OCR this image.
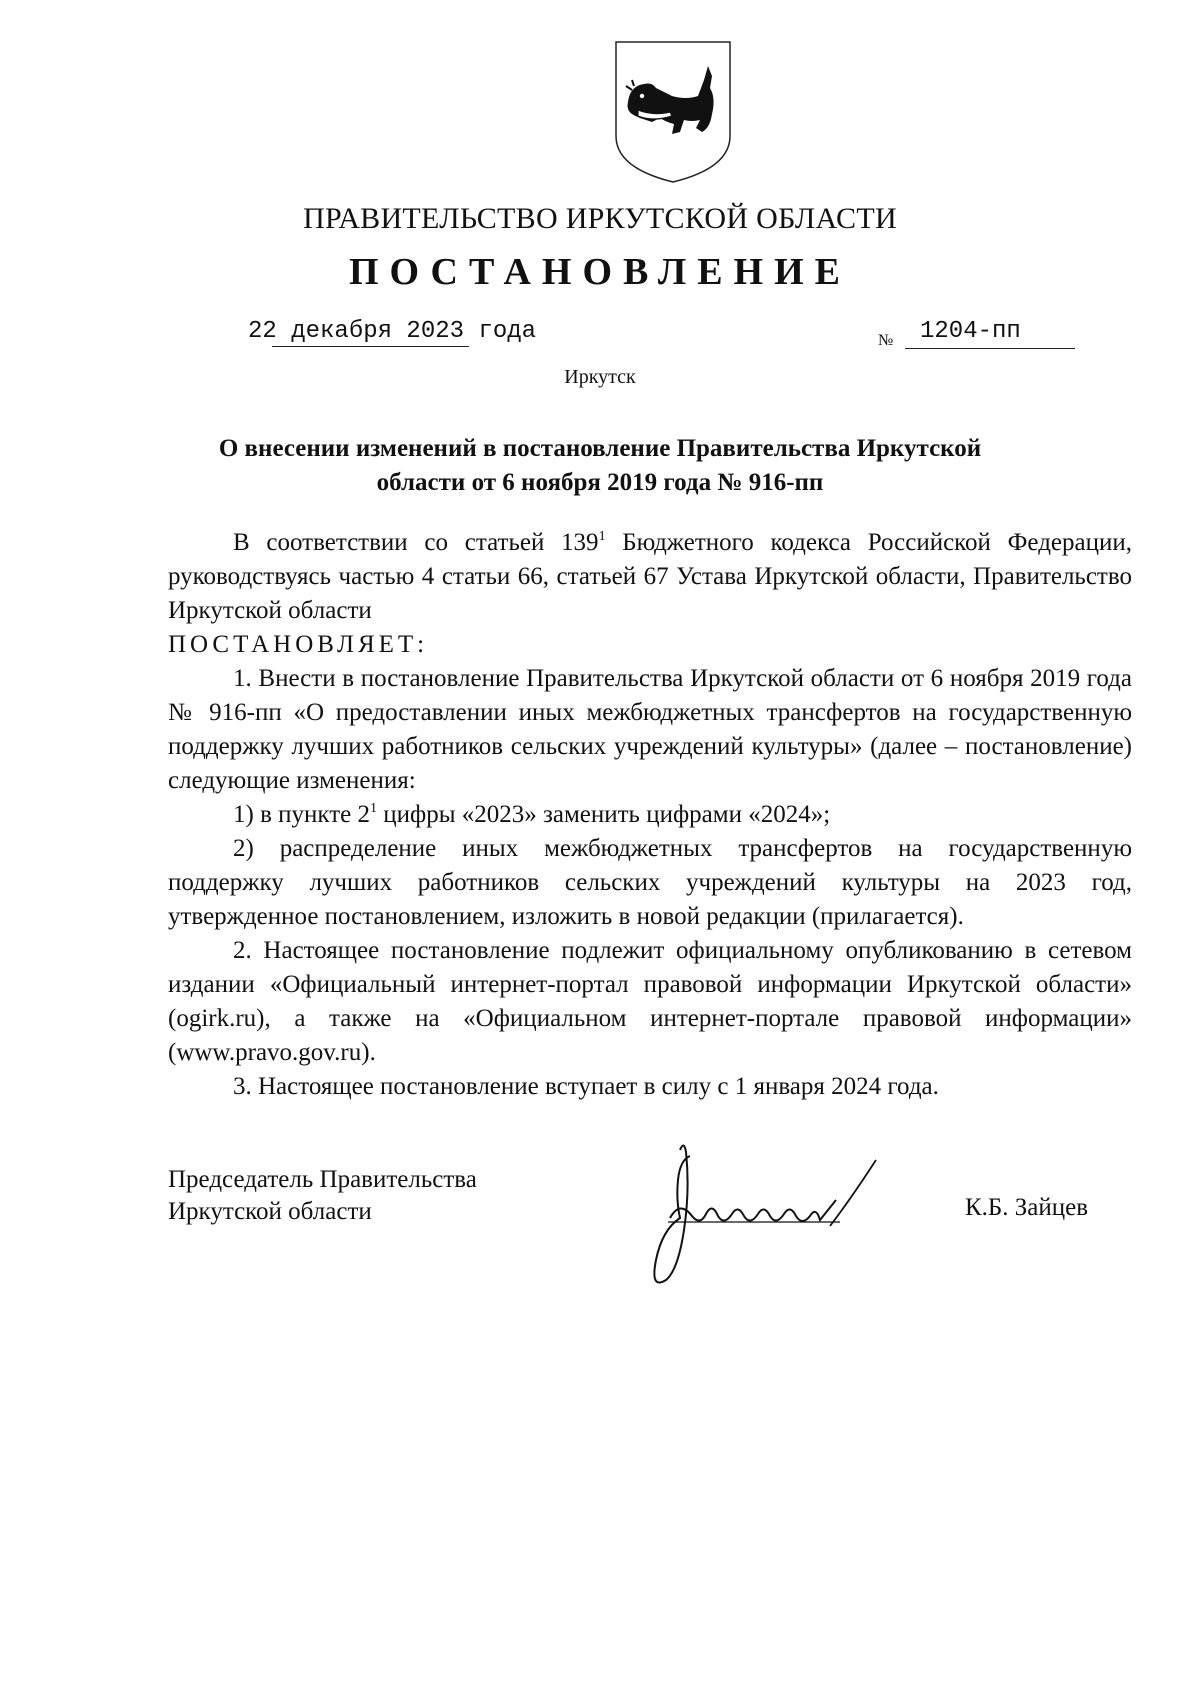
ПРАВИТЕЛЬСТВО ИРКУТСКОЙ ОБЛАСТИ
ПОСТАНОВЛЕНИЕ
22 декабря 2023 года	№ 1204-пп
Иркутск
О внесении изменений в постановление Правительства Иркутской
области от 6 ноября 2019 года № 916-пп

В соответствии со статьей $139^1$ Бюджетного кодекса Российской Федерации, руководствуясь частью 4 статьи 66, статьей 67 Устава Иркутской области, Правительство Иркутской области

ПОСТАНОВЛЯЕТ:

1. Внести в постановление Правительства Иркутской области от 6 ноября 2019 года № 916-пп «О предоставлении иных межбюджетных трансфертов на государственную поддержку лучших работников сельских учреждений культуры» (далее – постановление) следующие изменения:

1) в пункте $2^1$ цифры «2023» заменить цифрами «2024»;

2) распределение иных межбюджетных трансфертов на государственную поддержку лучших работников сельских учреждений культуры на 2023 год, утвержденное постановлением, изложить в новой редакции (прилагается).

2. Настоящее постановление подлежит официальному опубликованию в сетевом издании «Официальный интернет-портал правовой информации Иркутской области» (ogirk.ru), а также на «Официальном интернет-портале правовой информации» (www.pravo.gov.ru).

3. Настоящее постановление вступает в силу с 1 января 2024 года.

Председатель Правительства
Иркутской области	К.Б. Зайцев
